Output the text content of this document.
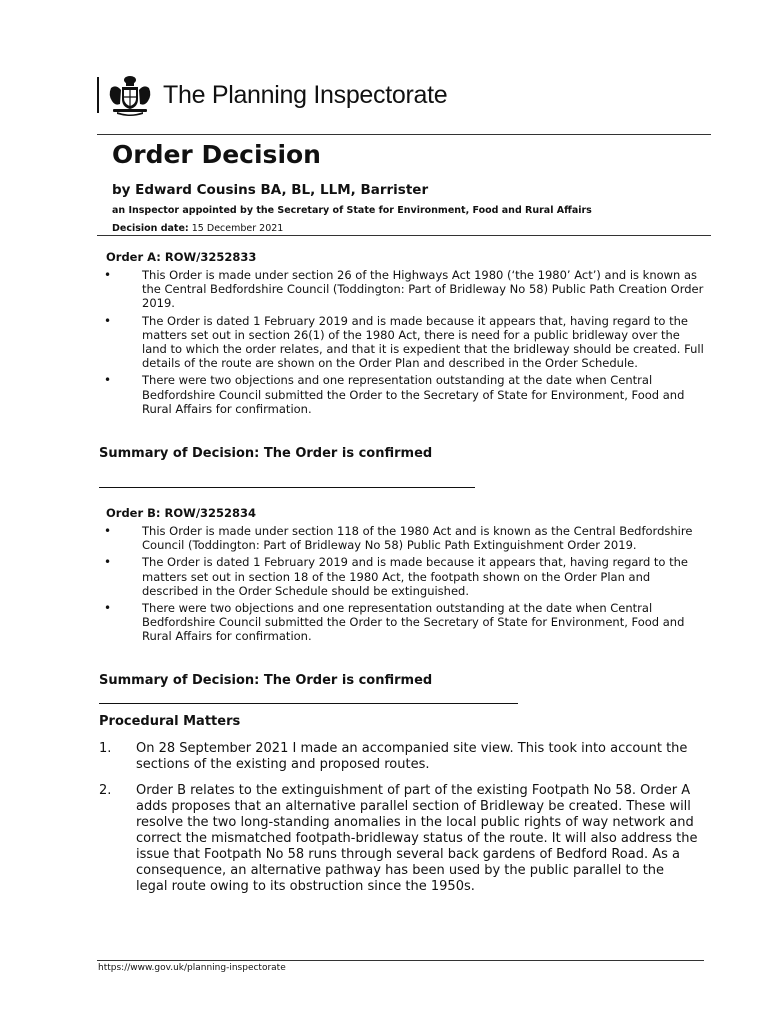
The Planning Inspectorate
Order Decision
by Edward Cousins BA, BL, LLM, Barrister
an Inspector appointed by the Secretary of State for Environment, Food and Rural Affairs
Decision date: 15 December 2021
Order A: ROW/3252833
• This Order is made under section 26 of the Highways Act 1980 (‘the 1980’ Act’) and is known as the Central Bedfordshire Council (Toddington: Part of Bridleway No 58) Public Path Creation Order 2019.
• The Order is dated 1 February 2019 and is made because it appears that, having regard to the matters set out in section 26(1) of the 1980 Act, there is need for a public bridleway over the land to which the order relates, and that it is expedient that the bridleway should be created. Full details of the route are shown on the Order Plan and described in the Order Schedule.
• There were two objections and one representation outstanding at the date when Central Bedfordshire Council submitted the Order to the Secretary of State for Environment, Food and Rural Affairs for confirmation.
Summary of Decision: The Order is confirmed
Order B: ROW/3252834
• This Order is made under section 118 of the 1980 Act and is known as the Central Bedfordshire Council (Toddington: Part of Bridleway No 58) Public Path Extinguishment Order 2019.
• The Order is dated 1 February 2019 and is made because it appears that, having regard to the matters set out in section 18 of the 1980 Act, the footpath shown on the Order Plan and described in the Order Schedule should be extinguished.
• There were two objections and one representation outstanding at the date when Central Bedfordshire Council submitted the Order to the Secretary of State for Environment, Food and Rural Affairs for confirmation.
Summary of Decision: The Order is confirmed
Procedural Matters
1. On 28 September 2021 I made an accompanied site view. This took into account the sections of the existing and proposed routes.
2. Order B relates to the extinguishment of part of the existing Footpath No 58. Order A adds proposes that an alternative parallel section of Bridleway be created. These will resolve the two long-standing anomalies in the local public rights of way network and correct the mismatched footpath-bridleway status of the route. It will also address the issue that Footpath No 58 runs through several back gardens of Bedford Road. As a consequence, an alternative pathway has been used by the public parallel to the legal route owing to its obstruction since the 1950s.
https://www.gov.uk/planning-inspectorate
